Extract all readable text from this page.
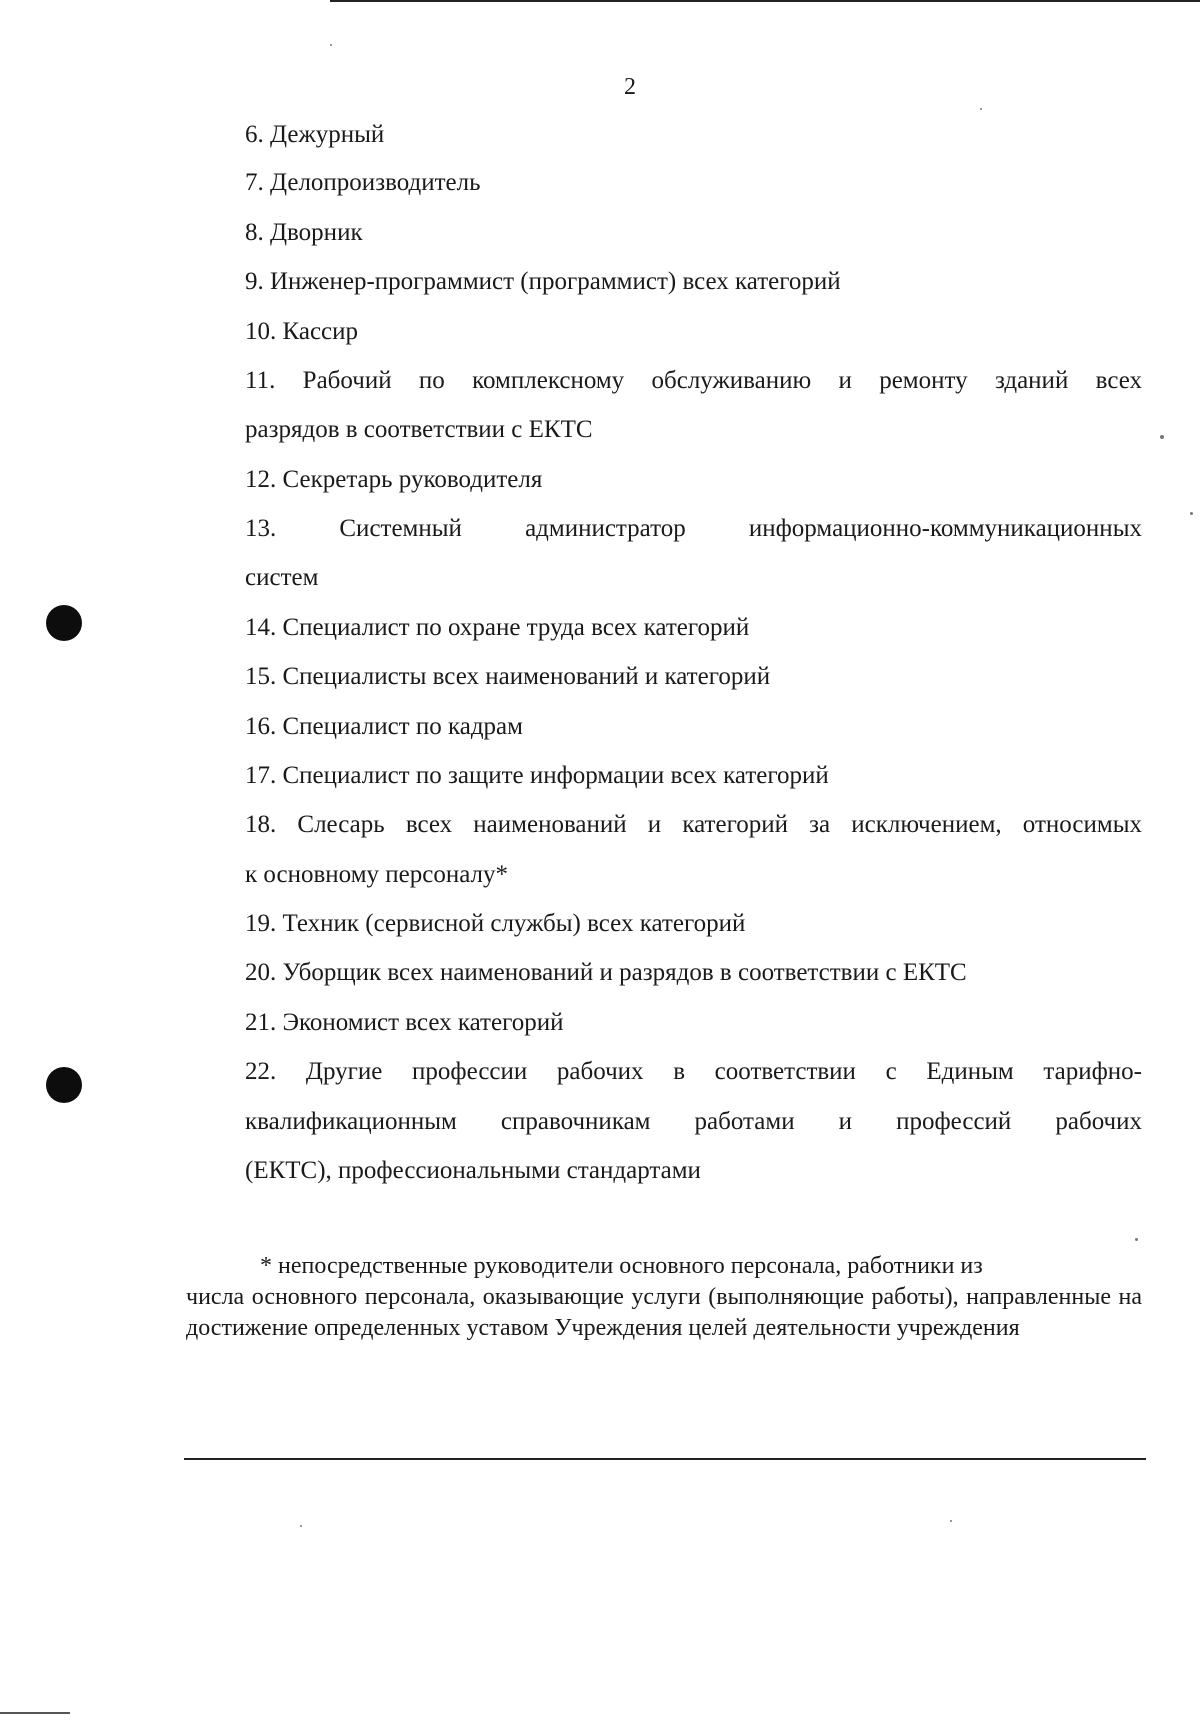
2
6. Дежурный
7. Делопроизводитель
8. Дворник
9. Инженер-программист (программист) всех категорий
10. Кассир
11. Рабочий по комплексному обслуживанию и ремонту зданий всех
разрядов в соответствии с ЕКТС
12. Секретарь руководителя
13. Системный администратор информационно-коммуникационных
систем
14. Специалист по охране труда всех категорий
15. Специалисты всех наименований и категорий
16. Специалист по кадрам
17. Специалист по защите информации всех категорий
18. Слесарь всех наименований и категорий за исключением, относимых
к основному персоналу*
19. Техник (сервисной службы) всех категорий
20. Уборщик всех наименований и разрядов в соответствии с ЕКТС
21. Экономист всех категорий
22. Другие профессии рабочих в соответствии с Единым тарифно-
квалификационным справочникам работами и профессий рабочих
(ЕКТС), профессиональными стандартами
* непосредственные руководители основного персонала, работники из
числа основного персонала, оказывающие услуги (выполняющие работы), направленные на достижение определенных уставом Учреждения целей деятельности учреждения
